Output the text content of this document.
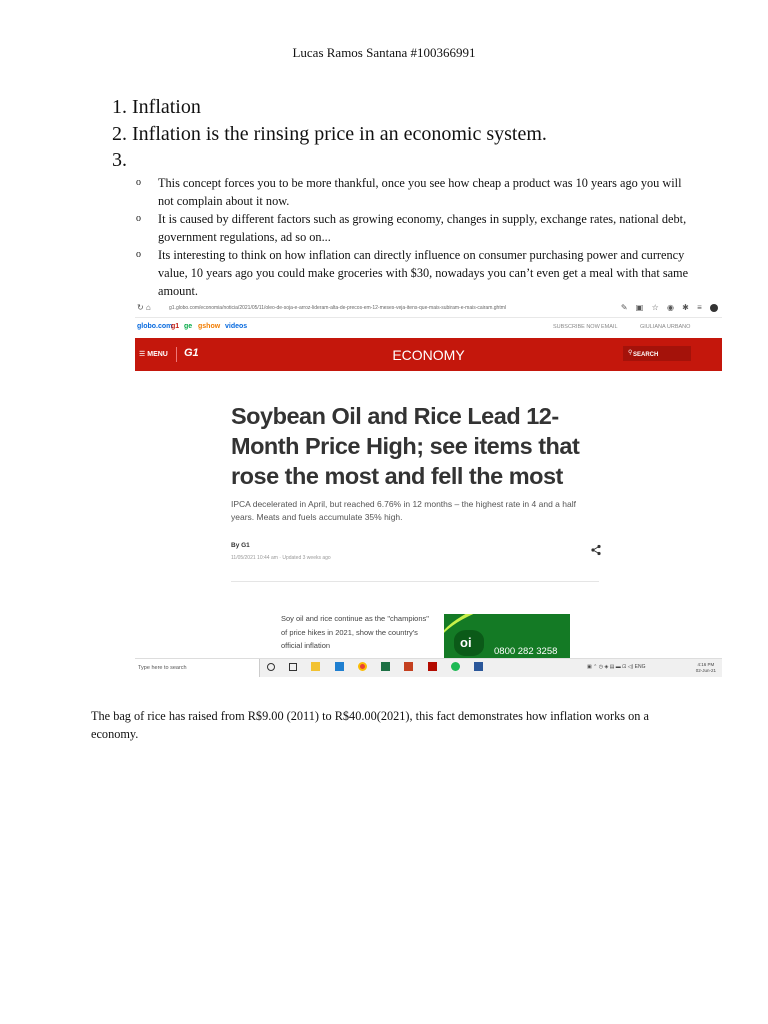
Lucas Ramos Santana #100366991
1. Inflation
2. Inflation is the rinsing price in an economic system.
3.
o This concept forces you to be more thankful, once you see how cheap a product was 10 years ago you will not complain about it now.
o It is caused by different factors such as growing economy, changes in supply, exchange rates, national debt, government regulations, ad so on...
o Its interesting to think on how inflation can directly influence on consumer purchasing power and currency value, 10 years ago you could make groceries with $30, nowadays you can’t even get a meal with that same amount.
↻ ⌂	g1.globo.com/economia/noticia/2021/05/11/oleo-de-soja-e-arroz-lideram-alta-de-precos-em-12-meses-veja-itens-que-mais-subiram-e-mais-cairam.ghtml	✎ ▣ ☆ ◉ ✱ ≡
globo.com
g1 ge gshow videos	SUBSCRIBE NOW EMAIL	GIULIANA URBANO
☰ MENU G1	ECONOMY	⚲ SEARCH
Soybean Oil and Rice Lead 12-Month Price High; see items that rose the most and fell the most
IPCA decelerated in April, but reached 6.76% in 12 months – the highest rate in 4 and a half years. Meats and fuels accumulate 35% high.
By G1
11/05/2021 10:44 am · Updated 3 weeks ago
Soy oil and rice continue as the "champions" of price hikes in 2021, show the country's official inflation	oi
0800 282 3258
Type here to search
	▣ ⌃ ◷ ◈ ▤ ▬ ⊡ ◁) ENG	4:16 PM
02-Jun-21
The bag of rice has raised from R$9.00 (2011) to R$40.00(2021), this fact demonstrates how inflation works on a economy.
